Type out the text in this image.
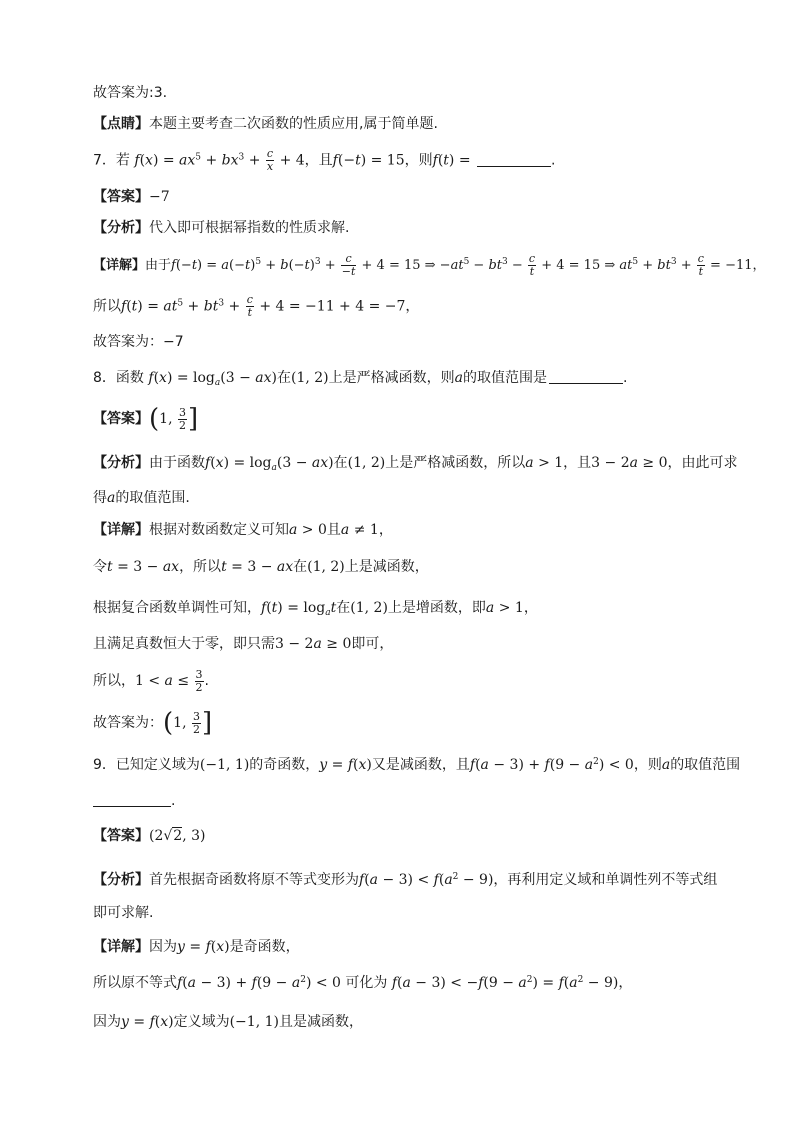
故答案为:3.
【点睛】本题主要考查二次函数的性质应用,属于简单题.
7．若 $f(x) = ax^5 + bx^3 + \frac{c}{x} + 4$，且f(−t) = 15，则f(t) =	.
【答案】−7
【分析】代入即可根据幂指数的性质求解.
【详解】由于$f(-t) = a(-t)^5 + b(-t)^3 + \frac{c}{-t} + 4 = 15$ ⇒ $-at^5 - bt^3 - \frac{c}{t} + 4 = 15$ ⇒ $at^5 + bt^3 + \frac{c}{t} = -11$，
所以$f(t) = at^5 + bt^3 + \frac{c}{t} + 4 = -11 + 4 = -7$，
故答案为：−7
8．函数 $f(x) = \log_a(3 - ax)$在(1, 2)上是严格减函数，则a的取值范围是	.
【答案】(1, $\frac{3}{2}$ ]
【分析】由于函数$f(x) = \log_a(3 - ax)$在(1, 2)上是严格减函数，所以a > 1，且3 − 2a ≥ 0，由此可求
得a的取值范围.
【详解】根据对数函数定义可知a > 0且a ≠ 1，
令t = 3 − ax，所以t = 3 − ax在(1, 2)上是减函数，
根据复合函数单调性可知，$f(t) = \log_at$在(1, 2)上是增函数，即a > 1，
且满足真数恒大于零，即只需3 − 2a ≥ 0即可，
所以，$1 < a \le \frac{3}{2}$ .
故答案为：(1, $\frac{3}{2}$ ]
9．已知定义域为(−1, 1)的奇函数，y = f(x)又是减函数，且$f(a - 3) + f(9 - a^2) < 0$，则a的取值范围
.
【答案】(2√2, 3)
【分析】首先根据奇函数将原不等式变形为$f(a - 3) < f(a^2 - 9)$，再利用定义域和单调性列不等式组
即可求解.
【详解】因为y = f(x)是奇函数，
所以原不等式$f(a - 3) + f(9 - a^2) < 0$ 可化为 $f(a - 3) < -f(9 - a^2) = f(a^2 - 9)$，
因为y = f(x)定义域为(−1, 1)且是减函数，
